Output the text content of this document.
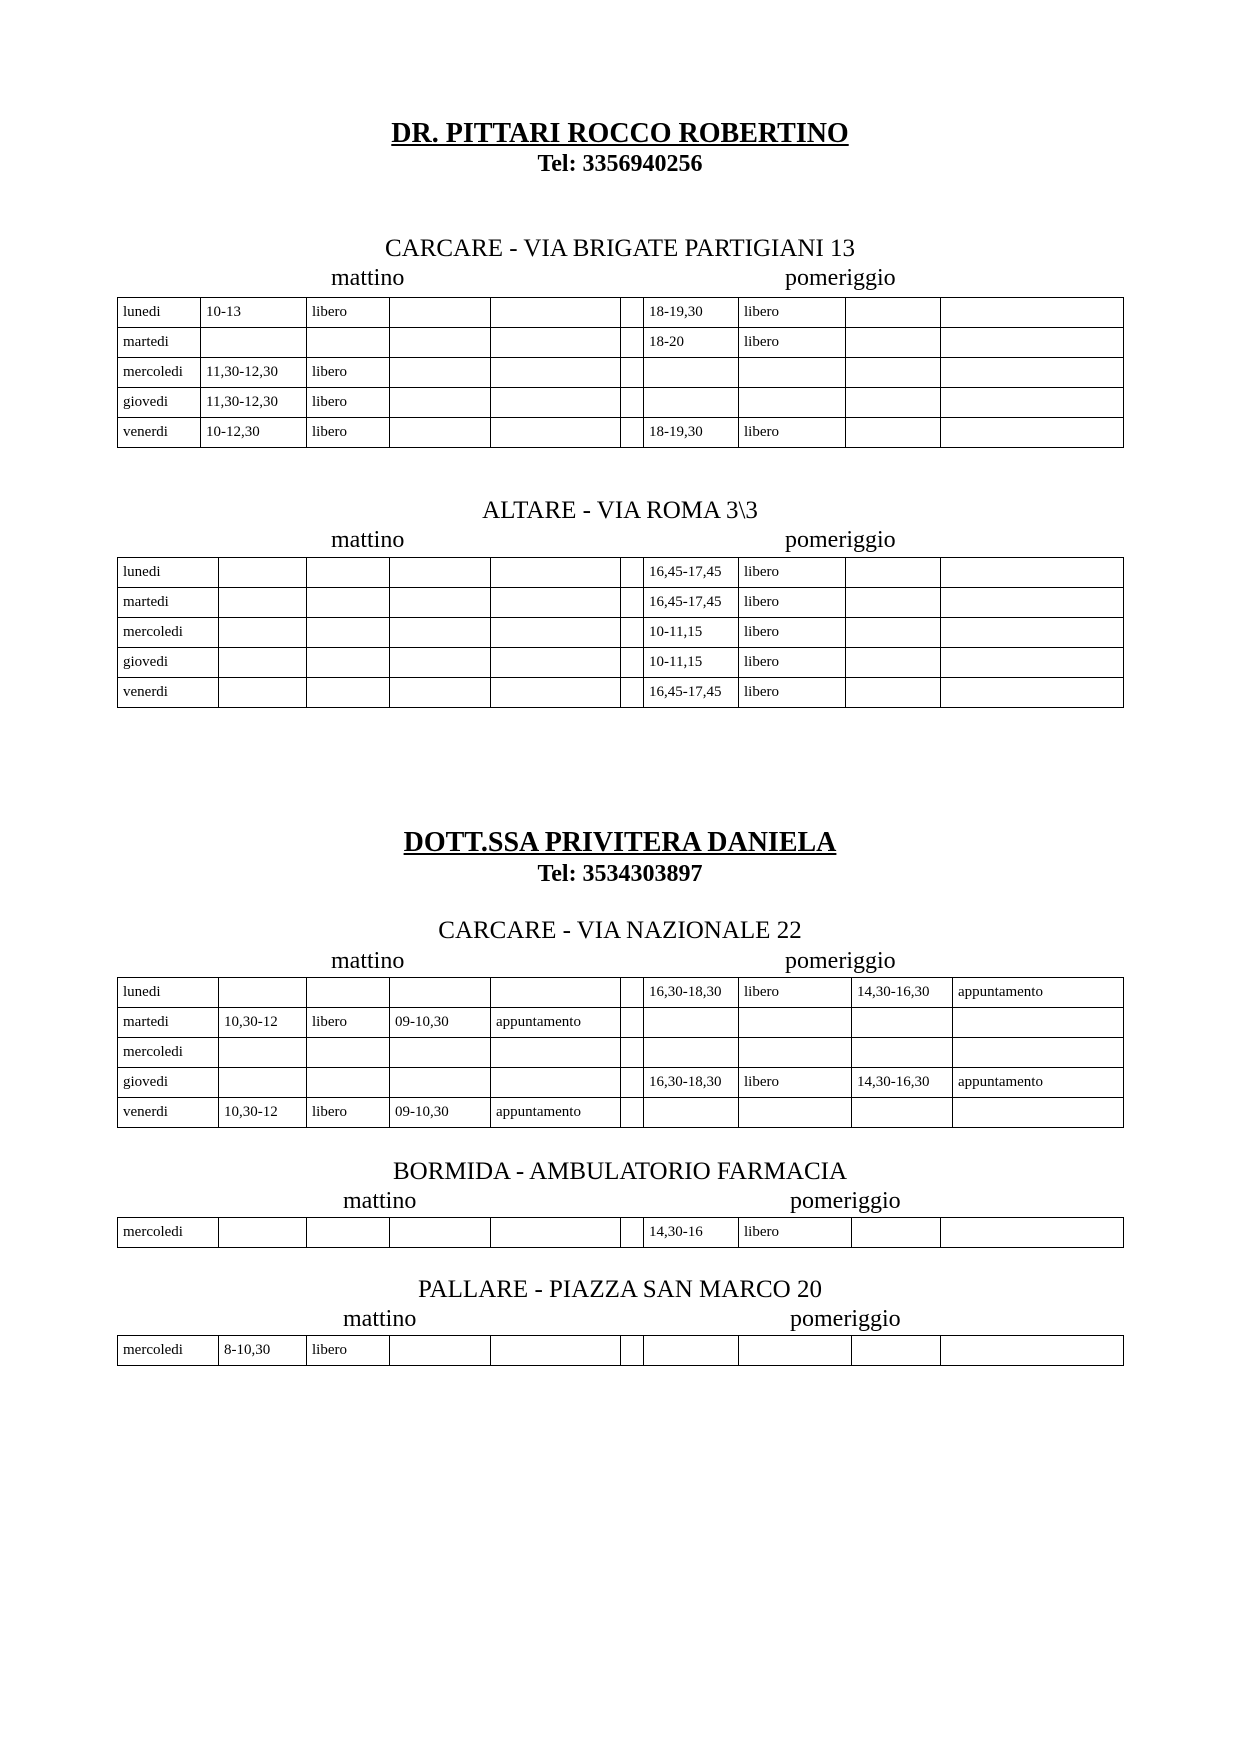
DR. PITTARI ROCCO ROBERTINO
Tel: 3356940256
CARCARE - VIA BRIGATE PARTIGIANI 13
mattino	pomeriggio
lunedi	10-13	libero				18-19,30	libero		
martedi						18-20	libero		
mercoledi	11,30-12,30	libero							
giovedi	11,30-12,30	libero							
venerdi	10-12,30	libero				18-19,30	libero		
ALTARE - VIA ROMA 3\3
mattino	pomeriggio
lunedi						16,45-17,45	libero		
martedi						16,45-17,45	libero		
mercoledi						10-11,15	libero		
giovedi						10-11,15	libero		
venerdi						16,45-17,45	libero		
DOTT.SSA PRIVITERA DANIELA
Tel: 3534303897
CARCARE - VIA NAZIONALE 22
mattino	pomeriggio
lunedi						16,30-18,30	libero	14,30-16,30	appuntamento
martedi	10,30-12	libero	09-10,30	appuntamento					
mercoledi									
giovedi						16,30-18,30	libero	14,30-16,30	appuntamento
venerdi	10,30-12	libero	09-10,30	appuntamento					
BORMIDA - AMBULATORIO FARMACIA
mattino	pomeriggio
mercoledi						14,30-16	libero		
PALLARE - PIAZZA SAN MARCO 20
mattino	pomeriggio
mercoledi	8-10,30	libero							
